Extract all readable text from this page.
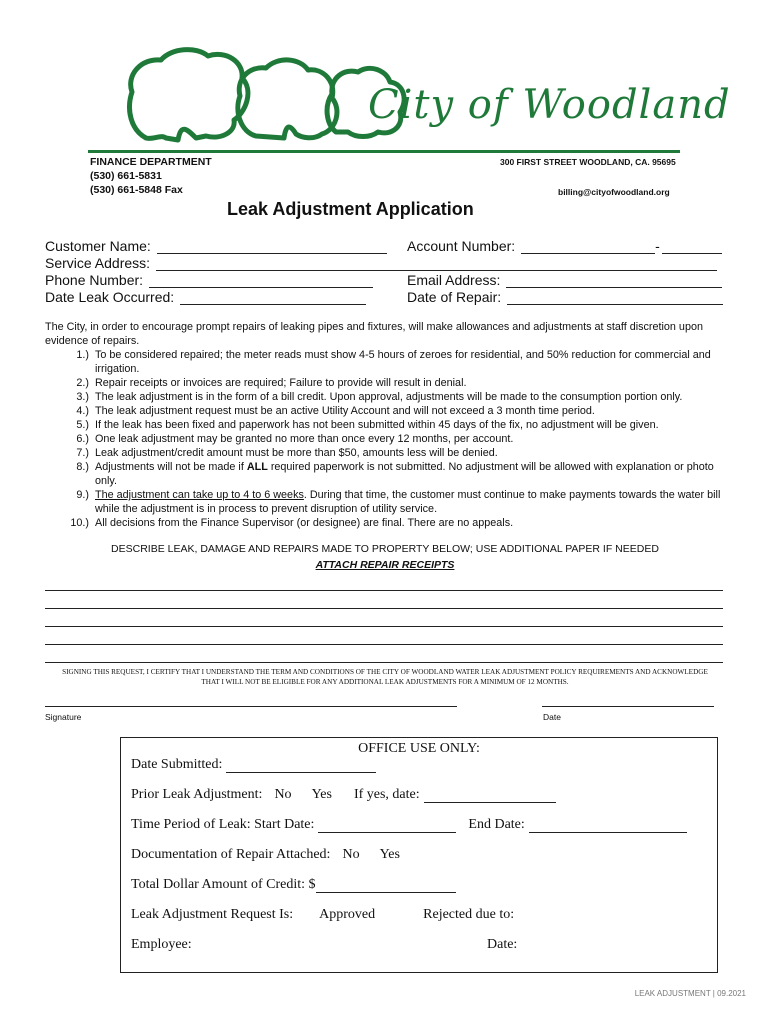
City of Woodland
FINANCE DEPARTMENT
(530) 661-5831
(530) 661-5848 Fax
300 FIRST STREET WOODLAND, CA. 95695
billing@cityofwoodland.org
Leak Adjustment Application
Customer Name:	Account Number:	-
Service Address:
Phone Number:	Email Address:
Date Leak Occurred:	Date of Repair:
The City, in order to encourage prompt repairs of leaking pipes and fixtures, will make allowances and adjustments at staff discretion upon evidence of repairs.
1.) To be considered repaired; the meter reads must show 4-5 hours of zeroes for residential, and 50% reduction for commercial and irrigation.
2.) Repair receipts or invoices are required; Failure to provide will result in denial.
3.) The leak adjustment is in the form of a bill credit. Upon approval, adjustments will be made to the consumption portion only.
4.) The leak adjustment request must be an active Utility Account and will not exceed a 3 month time period.
5.) If the leak has been fixed and paperwork has not been submitted within 45 days of the fix, no adjustment will be given.
6.) One leak adjustment may be granted no more than once every 12 months, per account.
7.) Leak adjustment/credit amount must be more than $50, amounts less will be denied.
8.) Adjustments will not be made if ALL required paperwork is not submitted. No adjustment will be allowed with explanation or photo only.
9.) The adjustment can take up to 4 to 6 weeks. During that time, the customer must continue to make payments towards the water bill while the adjustment is in process to prevent disruption of utility service.
10.) All decisions from the Finance Supervisor (or designee) are final. There are no appeals.
DESCRIBE LEAK, DAMAGE AND REPAIRS MADE TO PROPERTY BELOW; USE ADDITIONAL PAPER IF NEEDED
ATTACH REPAIR RECEIPTS
SIGNING THIS REQUEST, I CERTIFY THAT I UNDERSTAND THE TERM AND CONDITIONS OF THE CITY OF WOODLAND WATER LEAK ADJUSTMENT POLICY REQUIREMENTS AND ACKNOWLEDGE THAT I WILL NOT BE ELIGIBLE FOR ANY ADDITIONAL LEAK ADJUSTMENTS FOR A MINIMUM OF 12 MONTHS.
Signature	Date
OFFICE USE ONLY:
Date Submitted:
Prior Leak Adjustment: No Yes If yes, date:
Time Period of Leak: Start Date:	End Date:
Documentation of Repair Attached: No Yes
Total Dollar Amount of Credit: $
Leak Adjustment Request Is: Approved	Rejected due to:
Employee:	Date:
LEAK ADJUSTMENT | 09.2021
